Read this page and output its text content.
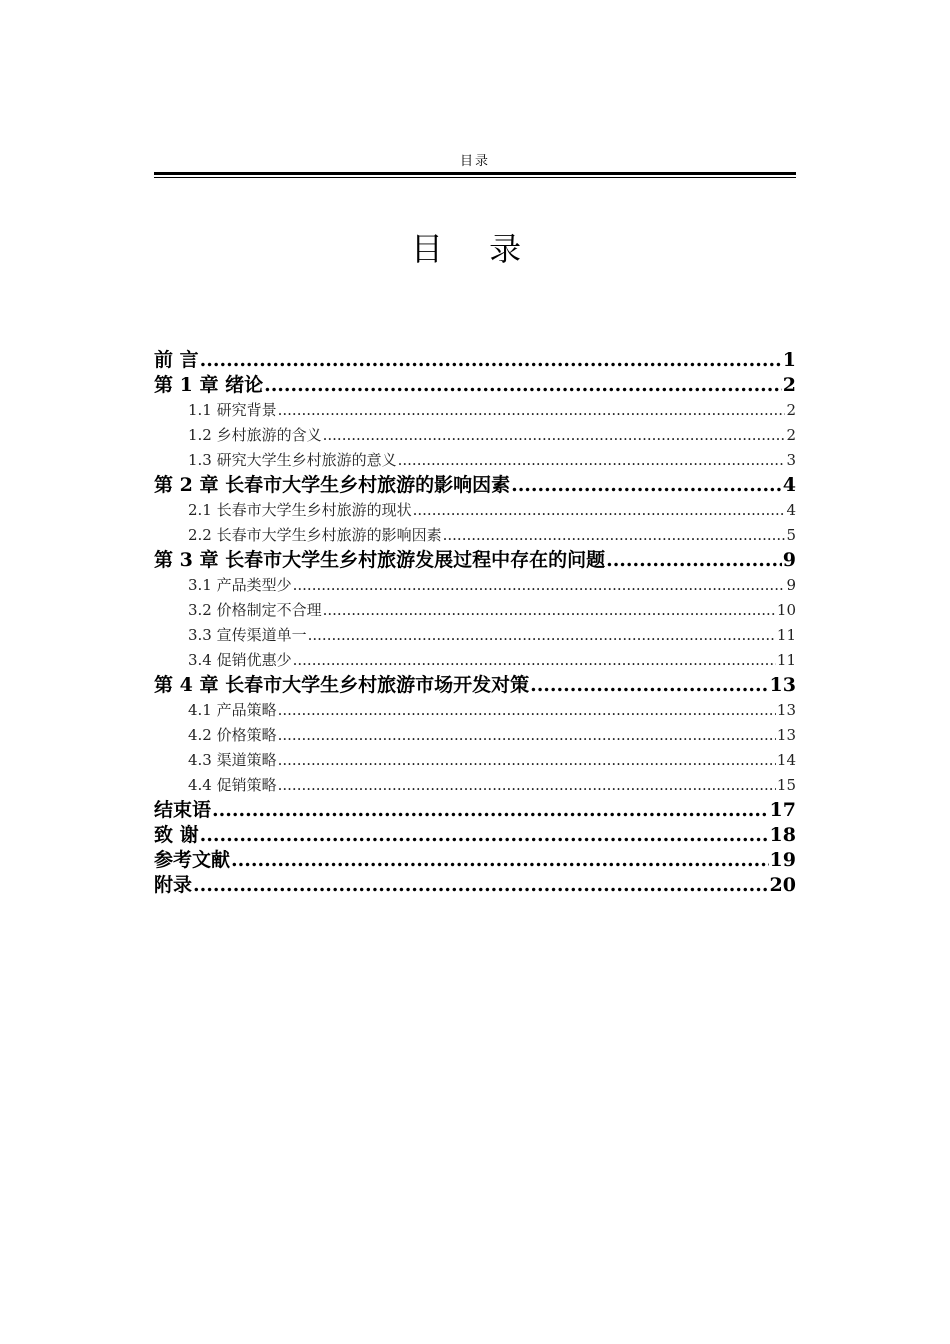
目录
目 录
前 言 .....	1
第 1 章 绪论 .....	2
1.1 研究背景 .....	2
1.2 乡村旅游的含义 .....	2
1.3 研究大学生乡村旅游的意义 .....	3
第 2 章 长春市大学生乡村旅游的影响因素 .....	4
2.1 长春市大学生乡村旅游的现状 .....	4
2.2 长春市大学生乡村旅游的影响因素 .....	5
第 3 章 长春市大学生乡村旅游发展过程中存在的问题 .....	9
3.1 产品类型少 .....	9
3.2 价格制定不合理 .....	10
3.3 宣传渠道单一 .....	11
3.4 促销优惠少 .....	11
第 4 章 长春市大学生乡村旅游市场开发对策 .....	13
4.1 产品策略 .....	13
4.2 价格策略 .....	13
4.3 渠道策略 .....	14
4.4 促销策略 .....	15
结束语 .....	17
致 谢 .....	18
参考文献 .....	19
附录 .....	20
